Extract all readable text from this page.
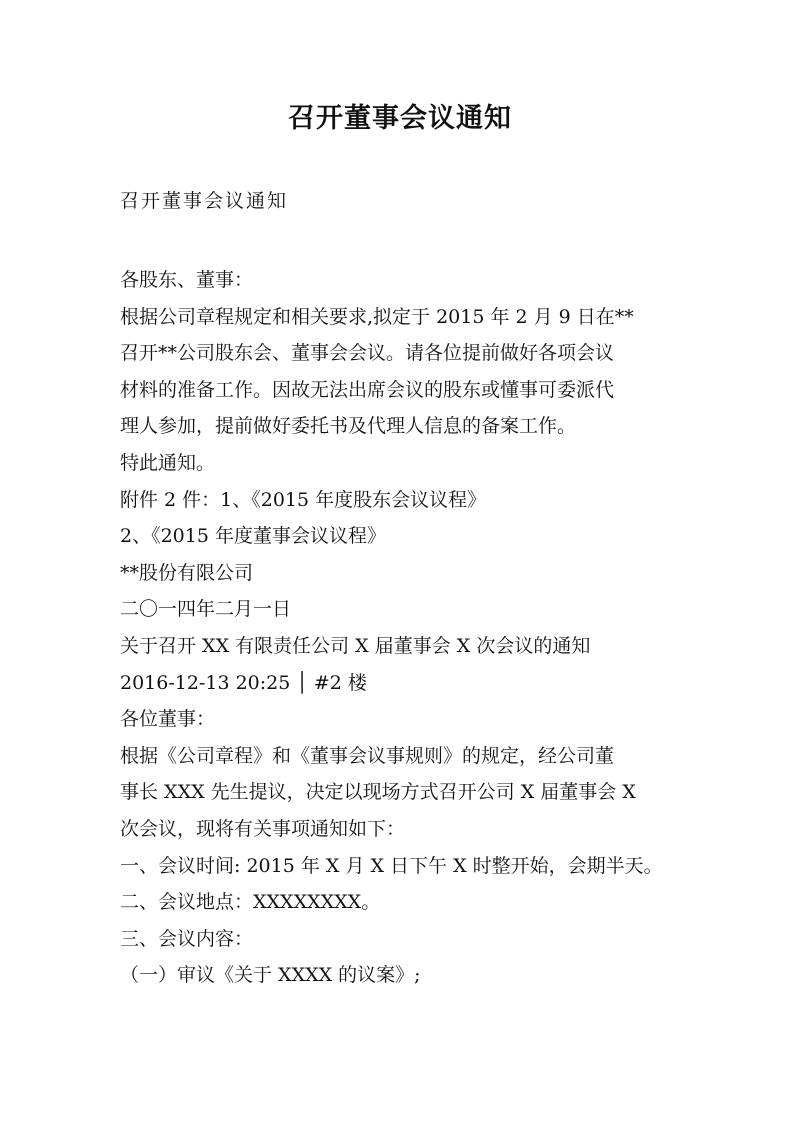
召开董事会议通知
召开董事会议通知
各股东、董事：
根据公司章程规定和相关要求,拟定于 2015 年 2 月 9 日在**
召开**公司股东会、董事会会议。请各位提前做好各项会议
材料的准备工作。因故无法出席会议的股东或懂事可委派代
理人参加，提前做好委托书及代理人信息的备案工作。
特此通知。
附件 2 件：1、《2015 年度股东会议议程》
2、《2015 年度董事会议议程》
**股份有限公司
二〇一四年二月一日
关于召开 XX 有限责任公司 X 届董事会 X 次会议的通知
2016-12-13 20:25 │ #2 楼
各位董事：
根据《公司章程》和《董事会议事规则》的规定，经公司董
事长 XXX 先生提议，决定以现场方式召开公司 X 届董事会 X
次会议，现将有关事项通知如下：
一、会议时间: 2015 年 X 月 X 日下午 X 时整开始，会期半天。
二、会议地点：XXXXXXXX。
三、会议内容：
（一）审议《关于 XXXX 的议案》;
